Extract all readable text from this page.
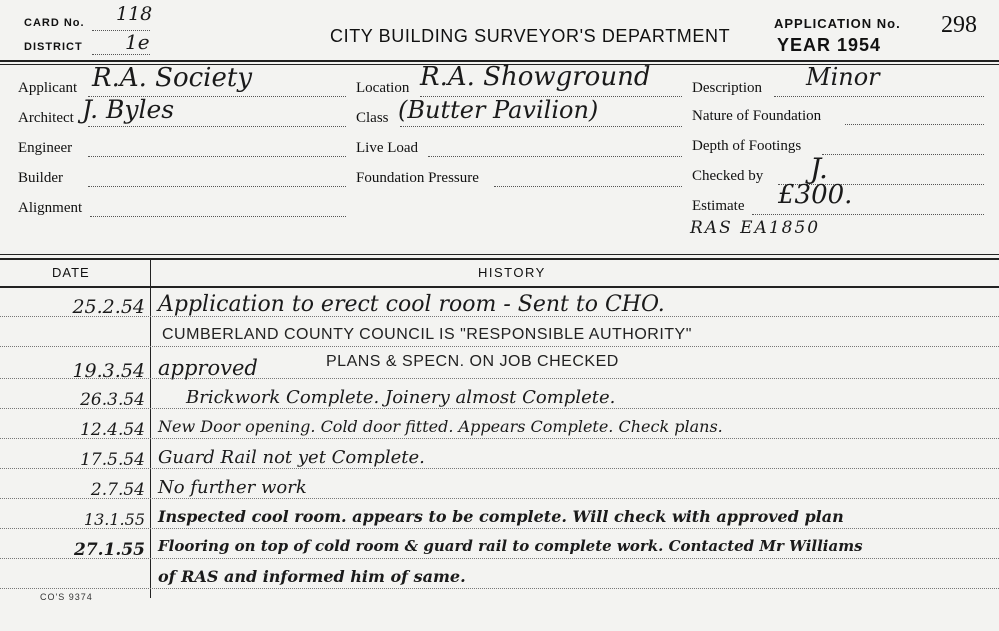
CARD No. 118
DISTRICT 1e	CITY BUILDING SURVEYOR'S DEPARTMENT
APPLICATION No. 298
YEAR 1954
Applicant R.A. Society
Architect J. Byles
Engineer
Builder
Alignment
Location R.A. Showground
Class (Butter Pavilion)
Live Load
Foundation Pressure
Description Minor
Nature of Foundation
Depth of Footings
Checked by J.
Estimate £300.
RAS EA1850
DATE	HISTORY
25.2.54 Application to erect cool room - Sent to CHO.
CUMBERLAND COUNTY COUNCIL IS "RESPONSIBLE AUTHORITY"
19.3.54 approved	PLANS & SPECN. ON JOB CHECKED
26.3.54 Brickwork Complete. Joinery almost Complete.
12.4.54 New Door opening. Cold door fitted. Appears Complete. Check plans.
17.5.54 Guard Rail not yet Complete.
2.7.54 No further work
13.1.55 Inspected cool room. appears to be complete. Will check with approved plan
27.1.55 Flooring on top of cold room & guard rail to complete work. Contacted Mr Williams
of RAS and informed him of same.
CO'S 9374
